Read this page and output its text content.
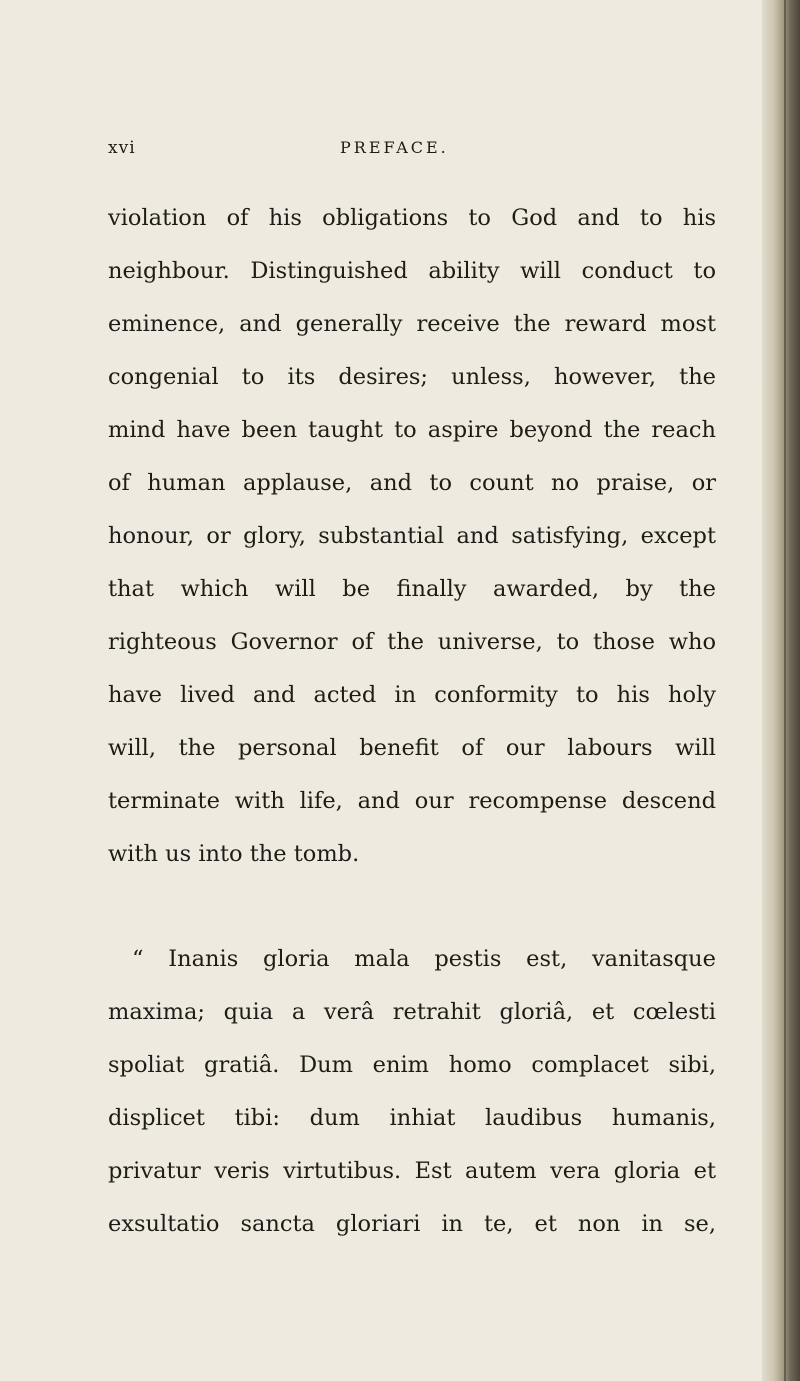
xvi	PREFACE.
violation of his obligations to God and to his
neighbour. Distinguished ability will conduct to
eminence, and generally receive the reward most
congenial to its desires; unless, however, the
mind have been taught to aspire beyond the reach
of human applause, and to count no praise, or
honour, or glory, substantial and satisfying, except
that which will be finally awarded, by the
righteous Governor of the universe, to those who
have lived and acted in conformity to his holy
will, the personal benefit of our labours will
terminate with life, and our recompense descend
with us into the tomb.
“ Inanis gloria mala pestis est, vanitasque
maxima; quia a verâ retrahit gloriâ, et cœlesti
spoliat gratiâ. Dum enim homo complacet sibi,
displicet tibi: dum inhiat laudibus humanis,
privatur veris virtutibus. Est autem vera gloria et
exsultatio sancta gloriari in te, et non in se,
